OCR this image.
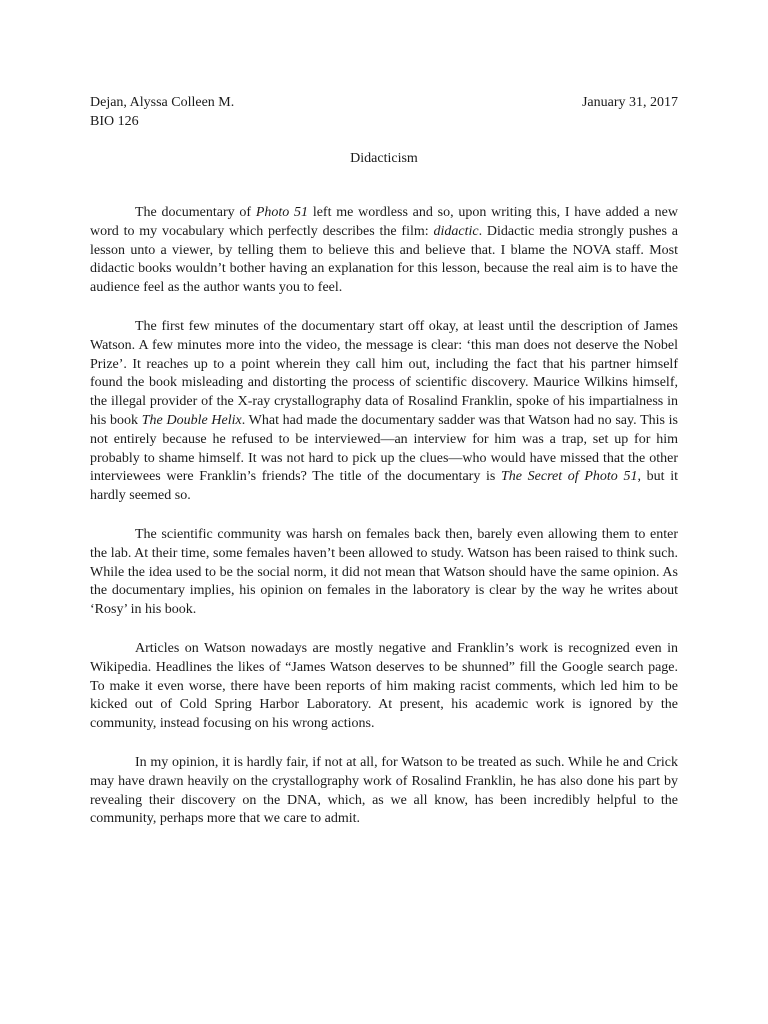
Dejan, Alyssa Colleen M.	January 31, 2017
BIO 126
Didacticism

The documentary of Photo 51 left me wordless and so, upon writing this, I have added a new word to my vocabulary which perfectly describes the film: didactic. Didactic media strongly pushes a lesson unto a viewer, by telling them to believe this and believe that. I blame the NOVA staff. Most didactic books wouldn’t bother having an explanation for this lesson, because the real aim is to have the audience feel as the author wants you to feel.

The first few minutes of the documentary start off okay, at least until the description of James Watson. A few minutes more into the video, the message is clear: ‘this man does not deserve the Nobel Prize’. It reaches up to a point wherein they call him out, including the fact that his partner himself found the book misleading and distorting the process of scientific discovery. Maurice Wilkins himself, the illegal provider of the X-ray crystallography data of Rosalind Franklin, spoke of his impartialness in his book The Double Helix. What had made the documentary sadder was that Watson had no say. This is not entirely because he refused to be interviewed—an interview for him was a trap, set up for him probably to shame himself. It was not hard to pick up the clues—who would have missed that the other interviewees were Franklin’s friends? The title of the documentary is The Secret of Photo 51, but it hardly seemed so.

The scientific community was harsh on females back then, barely even allowing them to enter the lab. At their time, some females haven’t been allowed to study. Watson has been raised to think such. While the idea used to be the social norm, it did not mean that Watson should have the same opinion. As the documentary implies, his opinion on females in the laboratory is clear by the way he writes about ‘Rosy’ in his book.

Articles on Watson nowadays are mostly negative and Franklin’s work is recognized even in Wikipedia. Headlines the likes of “James Watson deserves to be shunned” fill the Google search page. To make it even worse, there have been reports of him making racist comments, which led him to be kicked out of Cold Spring Harbor Laboratory. At present, his academic work is ignored by the community, instead focusing on his wrong actions.

In my opinion, it is hardly fair, if not at all, for Watson to be treated as such. While he and Crick may have drawn heavily on the crystallography work of Rosalind Franklin, he has also done his part by revealing their discovery on the DNA, which, as we all know, has been incredibly helpful to the community, perhaps more that we care to admit.
